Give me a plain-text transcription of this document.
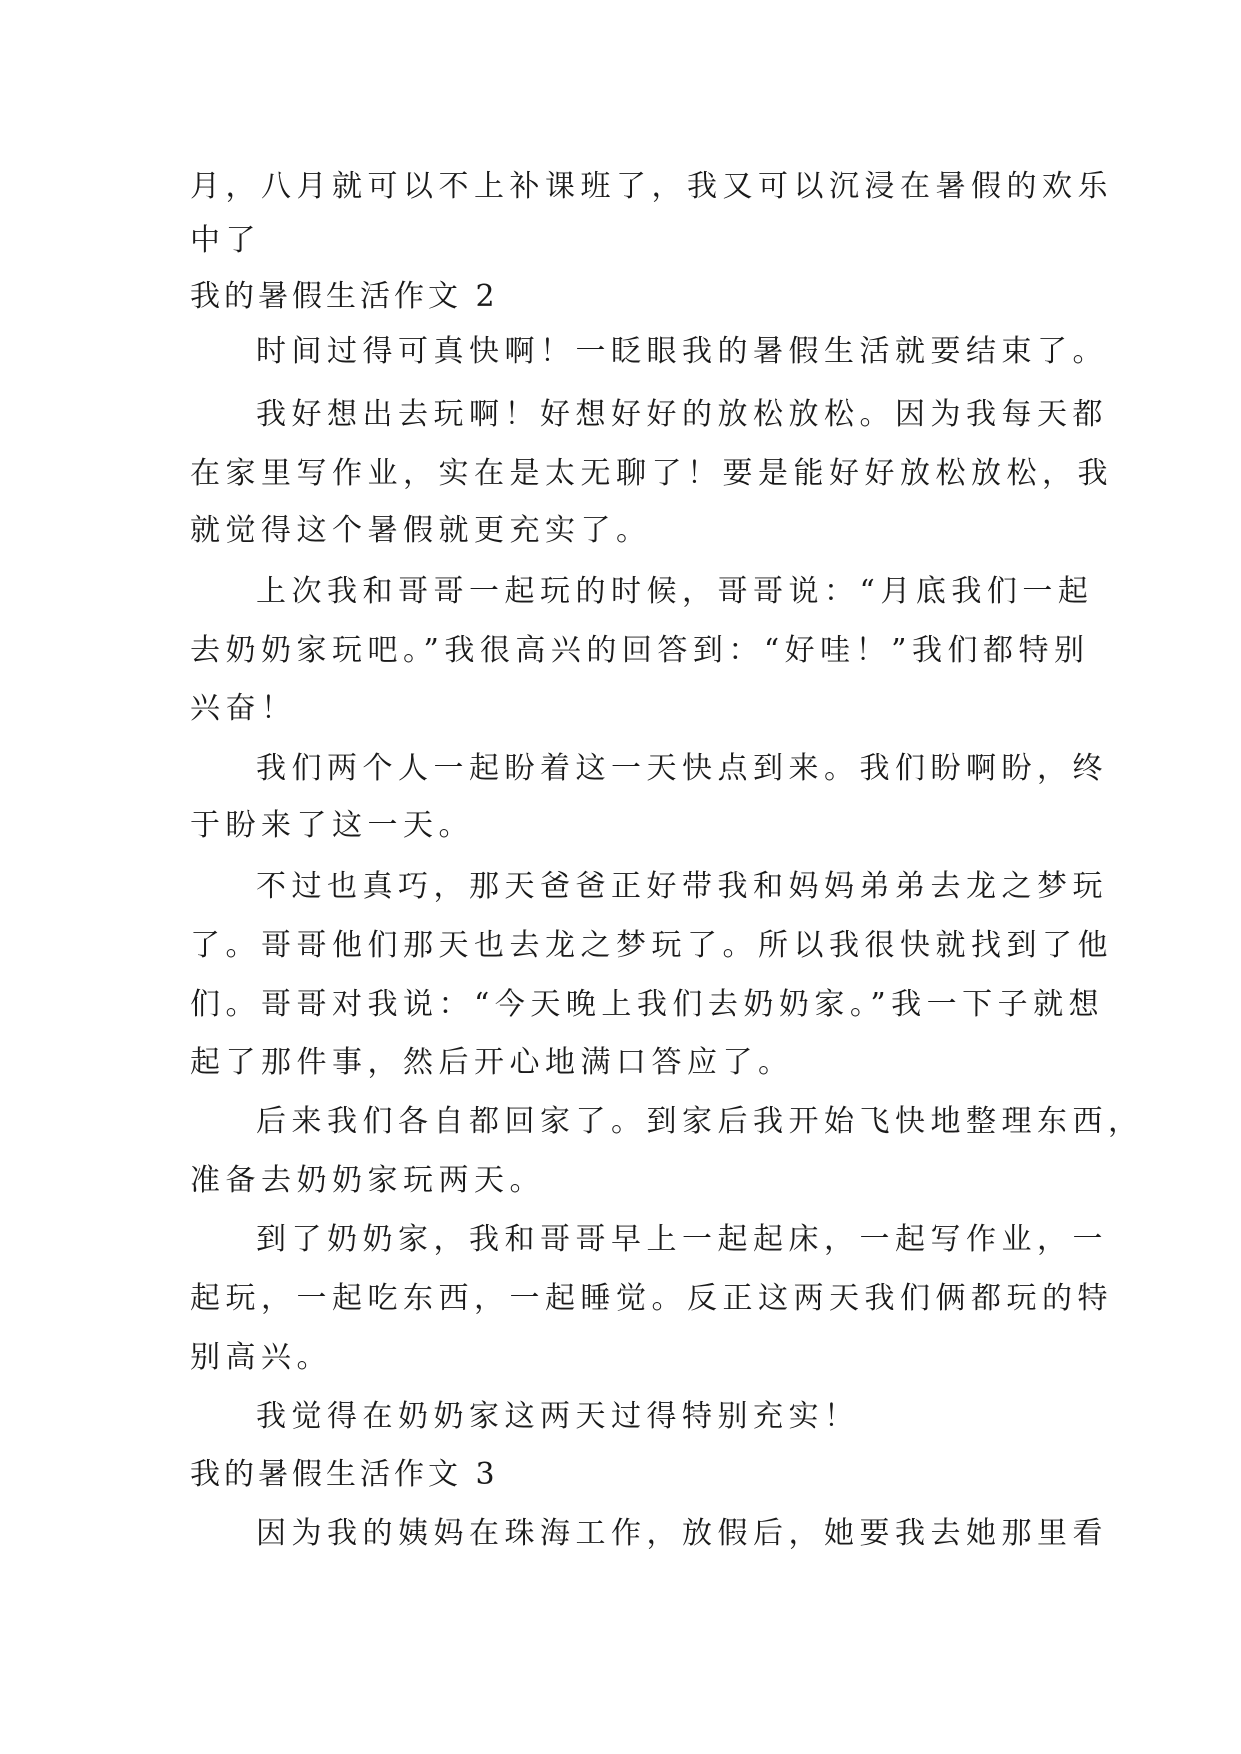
月，八月就可以不上补课班了，我又可以沉浸在暑假的欢乐
中了
我的暑假生活作文 2
时间过得可真快啊！一眨眼我的暑假生活就要结束了。
我好想出去玩啊！好想好好的放松放松。因为我每天都
在家里写作业，实在是太无聊了！要是能好好放松放松，我
就觉得这个暑假就更充实了。
上次我和哥哥一起玩的时候，哥哥说：“月底我们一起
去奶奶家玩吧。”我很高兴的回答到：“好哇！”我们都特别
兴奋！
我们两个人一起盼着这一天快点到来。我们盼啊盼，终
于盼来了这一天。
不过也真巧，那天爸爸正好带我和妈妈弟弟去龙之梦玩
了。哥哥他们那天也去龙之梦玩了。所以我很快就找到了他
们。哥哥对我说：“今天晚上我们去奶奶家。”我一下子就想
起了那件事，然后开心地满口答应了。
后来我们各自都回家了。到家后我开始飞快地整理东西，
准备去奶奶家玩两天。
到了奶奶家，我和哥哥早上一起起床，一起写作业，一
起玩，一起吃东西，一起睡觉。反正这两天我们俩都玩的特
别高兴。
我觉得在奶奶家这两天过得特别充实！
我的暑假生活作文 3
因为我的姨妈在珠海工作，放假后，她要我去她那里看
